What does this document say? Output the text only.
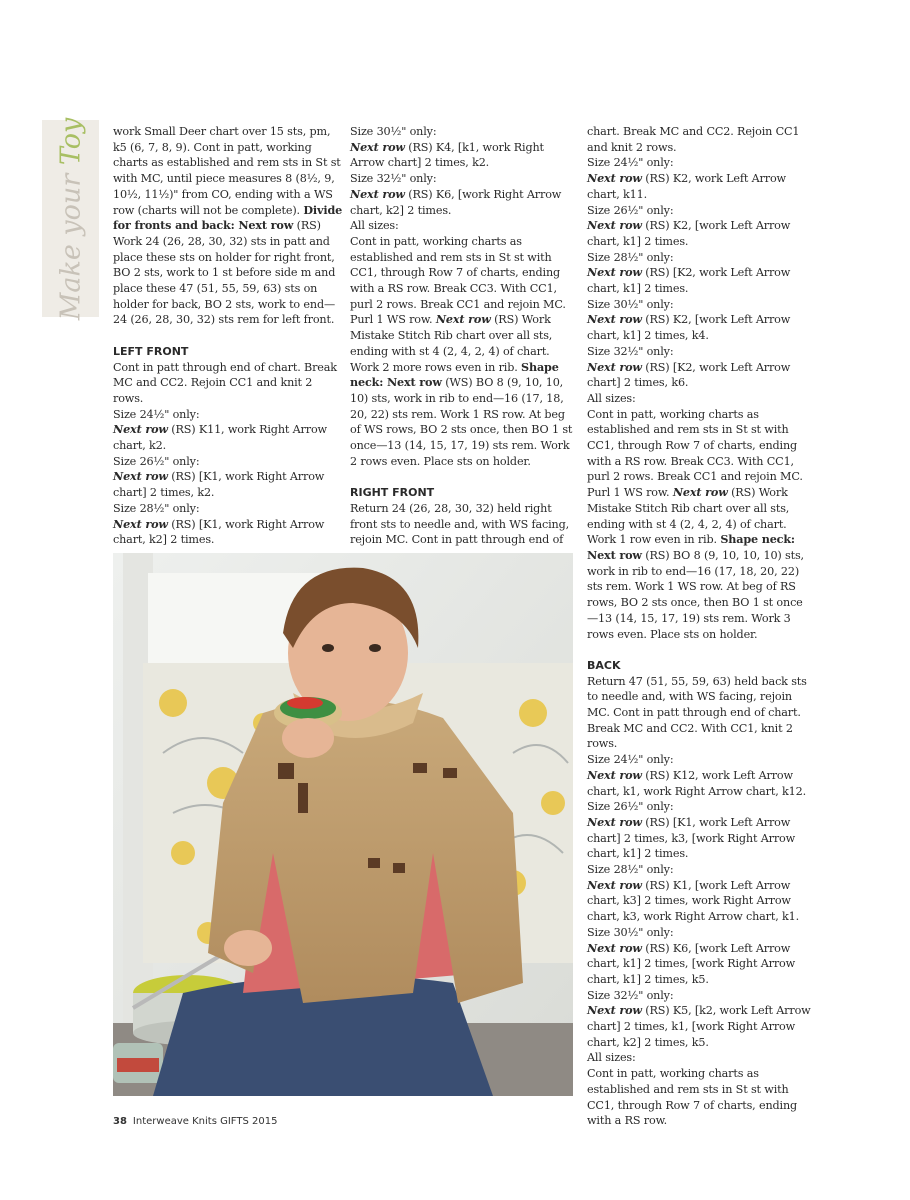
Make your Toy work Small Deer chart over 15 sts, pm, k5 (6, 7, 8, 9). Cont in patt, working charts as established and rem sts in St st with MC, until piece measures 8 (8½, 9, 10½, 11½)" from CO, ending with a WS row (charts will not be complete). Divide for fronts and back: Next row (RS) Work 24 (26, 28, 30, 32) sts in patt and place these sts on holder for right front, BO 2 sts, work to 1 st before side m and place these 47 (51, 55, 59, 63) sts on holder for back, BO 2 sts, work to end—24 (26, 28, 30, 32) sts rem for left front.

LEFT FRONT

Cont in patt through end of chart. Break MC and CC2. Rejoin CC1 and knit 2 rows.

Size 24½" only:

Next row (RS) K11, work Right Arrow chart, k2.

Size 26½" only:

Next row (RS) [K1, work Right Arrow chart] 2 times, k2.

Size 28½" only:

Next row (RS) [K1, work Right Arrow chart, k2] 2 times.

Size 30½" only:

Next row (RS) K4, [k1, work Right Arrow chart] 2 times, k2.

Size 32½" only:

Next row (RS) K6, [work Right Arrow chart, k2] 2 times.

All sizes:

Cont in patt, working charts as established and rem sts in St st with CC1, through Row 7 of charts, ending with a RS row. Break CC3. With CC1, purl 2 rows. Break CC1 and rejoin MC. Purl 1 WS row. Next row (RS) Work Mistake Stitch Rib chart over all sts, ending with st 4 (2, 4, 2, 4) of chart. Work 2 more rows even in rib. Shape neck: Next row (WS) BO 8 (9, 10, 10, 10) sts, work in rib to end—16 (17, 18, 20, 22) sts rem. Work 1 RS row. At beg of WS rows, BO 2 sts once, then BO 1 st once—13 (14, 15, 17, 19) sts rem. Work 2 rows even. Place sts on holder.

RIGHT FRONT

Return 24 (26, 28, 30, 32) held right front sts to needle and, with WS facing, rejoin MC. Cont in patt through end of

chart. Break MC and CC2. Rejoin CC1 and knit 2 rows.

Size 24½" only:

Next row (RS) K2, work Left Arrow chart, k11.

Size 26½" only:

Next row (RS) K2, [work Left Arrow chart, k1] 2 times.

Size 28½" only:

Next row (RS) [K2, work Left Arrow chart, k1] 2 times.

Size 30½" only:

Next row (RS) K2, [work Left Arrow chart, k1] 2 times, k4.

Size 32½" only:

Next row (RS) [K2, work Left Arrow chart] 2 times, k6.

All sizes:

Cont in patt, working charts as established and rem sts in St st with CC1, through Row 7 of charts, ending with a RS row. Break CC3. With CC1, purl 2 rows. Break CC1 and rejoin MC. Purl 1 WS row. Next row (RS) Work Mistake Stitch Rib chart over all sts, ending with st 4 (2, 4, 2, 4) of chart. Work 1 row even in rib. Shape neck: Next row (RS) BO 8 (9, 10, 10, 10) sts, work in rib to end—16 (17, 18, 20, 22) sts rem. Work 1 WS row. At beg of RS rows, BO 2 sts once, then BO 1 st once—13 (14, 15, 17, 19) sts rem. Work 3 rows even. Place sts on holder.

BACK

Return 47 (51, 55, 59, 63) held back sts to needle and, with WS facing, rejoin MC. Cont in patt through end of chart. Break MC and CC2. With CC1, knit 2 rows.

Size 24½" only:

Next row (RS) K12, work Left Arrow chart, k1, work Right Arrow chart, k12.

Size 26½" only:

Next row (RS) [K1, work Left Arrow chart] 2 times, k3, [work Right Arrow chart, k1] 2 times.

Size 28½" only:

Next row (RS) K1, [work Left Arrow chart, k3] 2 times, work Right Arrow chart, k3, work Right Arrow chart, k1.

Size 30½" only:

Next row (RS) K6, [work Left Arrow chart, k1] 2 times, [work Right Arrow chart, k1] 2 times, k5.

Size 32½" only:

Next row (RS) K5, [k2, work Left Arrow chart] 2 times, k1, [work Right Arrow chart, k2] 2 times, k5.

All sizes:

Cont in patt, working charts as established and rem sts in St st with CC1, through Row 7 of charts, ending with a RS row.

38 Interweave Knits GIFTS 2015
